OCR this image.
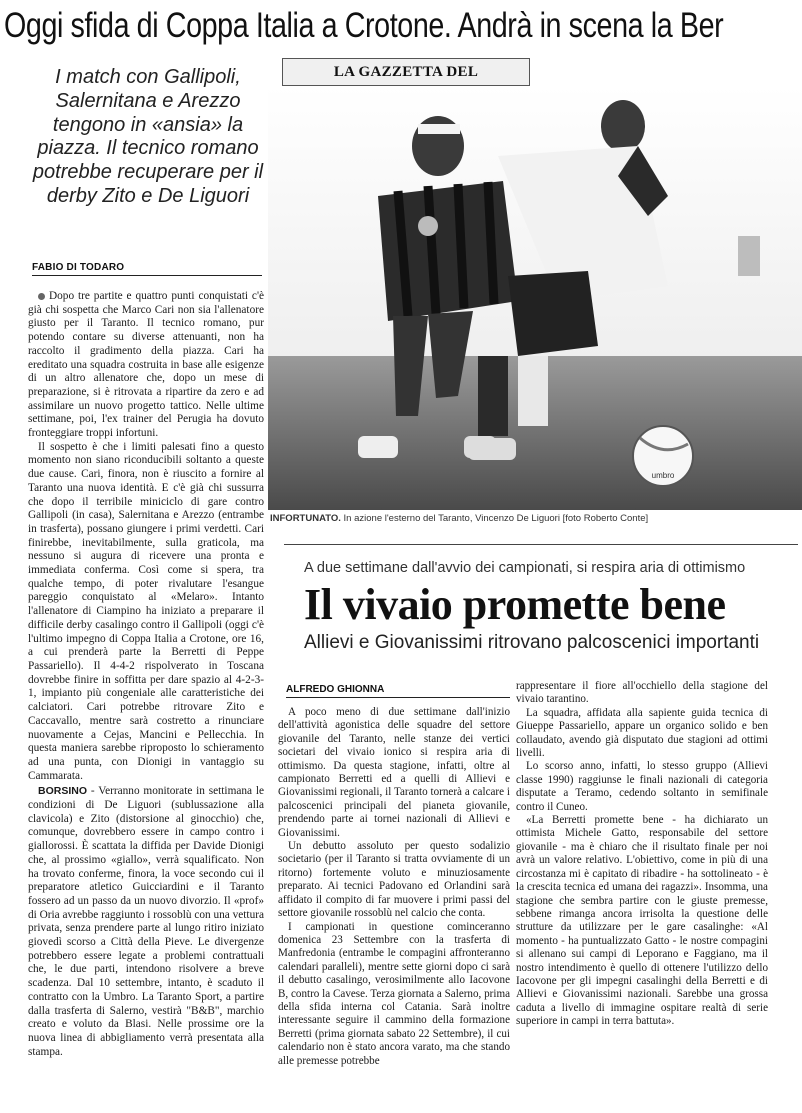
Oggi sfida di Coppa Italia a Crotone. Andrà in scena la Ber
I match con Gallipoli, Salernitana e Arezzo tengono in «ansia» la piazza. Il tecnico romano potrebbe recuperare per il derby Zito e De Liguori
FABIO DI TODARO

Dopo tre partite e quattro punti conquistati c'è già chi sospetta che Marco Cari non sia l'allenatore giusto per il Taranto. Il tecnico romano, pur potendo contare su diverse attenuanti, non ha raccolto il gradimento della piazza. Cari ha ereditato una squadra costruita in base alle esigenze di un altro allenatore che, dopo un mese di preparazione, si è ritrovata a ripartire da zero e ad assimilare un nuovo progetto tattico. Nelle ultime settimane, poi, l'ex trainer del Perugia ha dovuto fronteggiare troppi infortuni.

Il sospetto è che i limiti palesati fino a questo momento non siano riconducibili soltanto a queste due cause. Cari, finora, non è riuscito a fornire al Taranto una nuova identità. E c'è già chi sussurra che dopo il terribile miniciclo di gare contro Gallipoli (in casa), Salernitana e Arezzo (entrambe in trasferta), possano giungere i primi verdetti. Cari finirebbe, inevitabilmente, sulla graticola, ma nessuno si augura di ricevere una pronta e immediata conferma. Così come si spera, tra qualche tempo, di poter rivalutare l'esangue pareggio conquistato al «Melaro». Intanto l'allenatore di Ciampino ha iniziato a preparare il difficile derby casalingo contro il Gallipoli (oggi c'è l'ultimo impegno di Coppa Italia a Crotone, ore 16, a cui prenderà parte la Berretti di Peppe Passariello). Il 4-4-2 rispolverato in Toscana dovrebbe finire in soffitta per dare spazio al 4-2-3-1, impianto più congeniale alle caratteristiche dei calciatori. Cari potrebbe ritrovare Zito e Caccavallo, mentre sarà costretto a rinunciare nuovamente a Cejas, Mancini e Pellecchia. In questa maniera sarebbe riproposto lo schieramento ad una punta, con Dionigi in vantaggio su Cammarata.

BORSINO - Verranno monitorate in settimana le condizioni di De Liguori (sublussazione alla clavicola) e Zito (distorsione al ginocchio) che, comunque, dovrebbero essere in campo contro i giallorossi. È scattata la diffida per Davide Dionigi che, al prossimo «giallo», verrà squalificato. Non ha trovato conferme, finora, la voce secondo cui il preparatore atletico Guicciardini e il Taranto fossero ad un passo da un nuovo divorzio. Il «prof» di Oria avrebbe raggiunto i rossoblù con una vettura privata, senza prendere parte al lungo ritiro iniziato giovedì scorso a Città della Pieve. Le divergenze potrebbero essere legate a problemi contrattuali che, le due parti, intendono risolvere a breve scadenza. Dal 10 settembre, intanto, è scaduto il contratto con la Umbro. La Taranto Sport, a partire dalla trasferta di Salerno, vestirà "B&B", marchio creato e voluto da Blasi. Nelle prossime ore la nuova linea di abbigliamento verrà presentata alla stampa.

LA GAZZETTA DEL
umbro
INFORTUNATO. In azione l'esterno del Taranto, Vincenzo De Liguori [foto Roberto Conte]
A due settimane dall'avvio dei campionati, si respira aria di ottimismo
Il vivaio promette bene
Allievi e Giovanissimi ritrovano palcoscenici importanti
ALFREDO GHIONNA

A poco meno di due settimane dall'inizio dell'attività agonistica delle squadre del settore giovanile del Taranto, nelle stanze dei vertici societari del vivaio ionico si respira aria di ottimismo. Da questa stagione, infatti, oltre al campionato Berretti ed a quelli di Allievi e Giovanissimi regionali, il Taranto tornerà a calcare i palcoscenici principali del pianeta giovanile, prendendo parte ai tornei nazionali di Allievi e Giovanissimi.

Un debutto assoluto per questo sodalizio societario (per il Taranto si tratta ovviamente di un ritorno) fortemente voluto e minuziosamente preparato. Ai tecnici Padovano ed Orlandini sarà affidato il compito di far muovere i primi passi del settore giovanile rossoblù nel calcio che conta.

I campionati in questione cominceranno domenica 23 Settembre con la trasferta di Manfredonia (entrambe le compagini affronteranno calendari paralleli), mentre sette giorni dopo ci sarà il debutto casalingo, verosimilmente allo Iacovone B, contro la Cavese. Terza giornata a Salerno, prima della sfida interna col Catania. Sarà inoltre interessante seguire il cammino della formazione Berretti (prima giornata sabato 22 Settembre), il cui calendario non è stato ancora varato, ma che stando alle premesse potrebbe

rappresentare il fiore all'occhiello della stagione del vivaio tarantino.

La squadra, affidata alla sapiente guida tecnica di Giueppe Passariello, appare un organico solido e ben collaudato, avendo già disputato due stagioni ad ottimi livelli.

Lo scorso anno, infatti, lo stesso gruppo (Allievi classe 1990) raggiunse le finali nazionali di categoria disputate a Teramo, cedendo soltanto in semifinale contro il Cuneo.

«La Berretti promette bene - ha dichiarato un ottimista Michele Gatto, responsabile del settore giovanile - ma è chiaro che il risultato finale per noi avrà un valore relativo. L'obiettivo, come in più di una circostanza mi è capitato di ribadire - ha sottolineato - è la crescita tecnica ed umana dei ragazzi». Insomma, una stagione che sembra partire con le giuste premesse, sebbene rimanga ancora irrisolta la questione delle strutture da utilizzare per le gare casalinghe: «Al momento - ha puntualizzato Gatto - le nostre compagini si allenano sui campi di Leporano e Faggiano, ma il nostro intendimento è quello di ottenere l'utilizzo dello Iacovone per gli impegni casalinghi della Berretti e di Allievi e Giovanissimi nazionali. Sarebbe una grossa caduta a livello di immagine ospitare realtà di serie superiore in campi in terra battuta».
